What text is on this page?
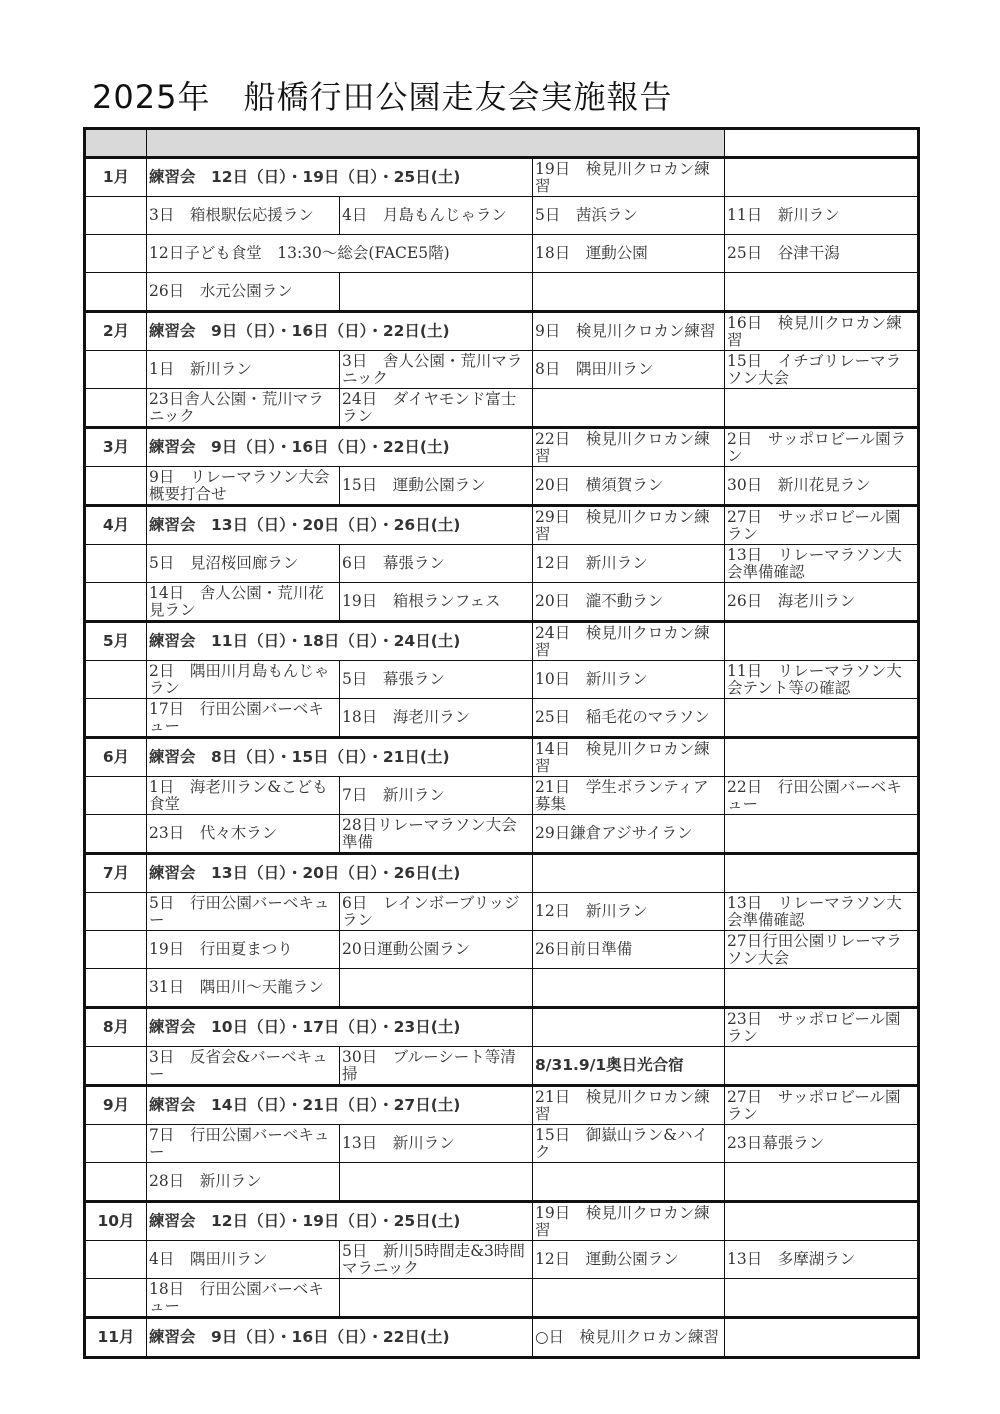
2025年　船橋行田公園走友会実施報告

1月	練習会　12日（日）・19日（日）・25日(土)		19日　検見川クロカン練習	
	3日　箱根駅伝応援ラン	4日　月島もんじゃラン	5日　茜浜ラン	11日　新川ラン
	12日子ども食堂　13:30～総会(FACE5階)		18日　運動公園	25日　谷津干潟
	26日　水元公園ラン			
2月	練習会　9日（日）・16日（日）・22日(土)		9日　検見川クロカン練習	16日　検見川クロカン練習
	1日　新川ラン	3日　舎人公園・荒川マラニック	8日　隅田川ラン	15日　イチゴリレーマラソン大会
	23日舎人公園・荒川マラニック	24日　ダイヤモンド富士ラン		
3月	練習会　9日（日）・16日（日）・22日(土)		22日　検見川クロカン練習	2日　サッポロビール園ラン
	9日　リレーマラソン大会概要打合せ	15日　運動公園ラン	20日　横須賀ラン	30日　新川花見ラン
4月	練習会　13日（日）・20日（日）・26日(土)		29日　検見川クロカン練習	27日　サッポロビール園ラン
	5日　見沼桜回廊ラン	6日　幕張ラン	12日　新川ラン	13日　リレーマラソン大会準備確認
	14日　舎人公園・荒川花見ラン	19日　箱根ランフェス	20日　瀧不動ラン	26日　海老川ラン
5月	練習会　11日（日）・18日（日）・24日(土)		24日　検見川クロカン練習	
	2日　隅田川月島もんじゃラン	5日　幕張ラン	10日　新川ラン	11日　リレーマラソン大会テント等の確認
	17日　行田公園バーベキュー	18日　海老川ラン	25日　稲毛花のマラソン	
6月	練習会　8日（日）・15日（日）・21日(土)		14日　検見川クロカン練習	
	1日　海老川ラン&こども食堂	7日　新川ラン	21日　学生ボランティア募集	22日　行田公園バーベキュー
	23日　代々木ラン	28日リレーマラソン大会準備	29日鎌倉アジサイラン	
7月	練習会　13日（日）・20日（日）・26日(土)			
	5日　行田公園バーベキュー	6日　レインボーブリッジラン	12日　新川ラン	13日　リレーマラソン大会準備確認
	19日　行田夏まつり	20日運動公園ラン	26日前日準備	27日行田公園リレーマラソン大会
	31日　隅田川～天龍ラン			
8月	練習会　10日（日）・17日（日）・23日(土)			23日　サッポロビール園ラン
	3日　反省会&バーベキュー	30日　ブルーシート等清掃	8/31.9/1奥日光合宿	
9月	練習会　14日（日）・21日（日）・27日(土)		21日　検見川クロカン練習	27日　サッポロビール園ラン
	7日　行田公園バーベキュー	13日　新川ラン	15日　御嶽山ラン&ハイク	23日幕張ラン
	28日　新川ラン			
10月	練習会　12日（日）・19日（日）・25日(土)		19日　検見川クロカン練習	
	4日　隅田川ラン	5日　新川5時間走&3時間マラニック	12日　運動公園ラン	13日　多摩湖ラン
	18日　行田公園バーベキュー			
11月	練習会　9日（日）・16日（日）・22日(土)		○日　検見川クロカン練習	
